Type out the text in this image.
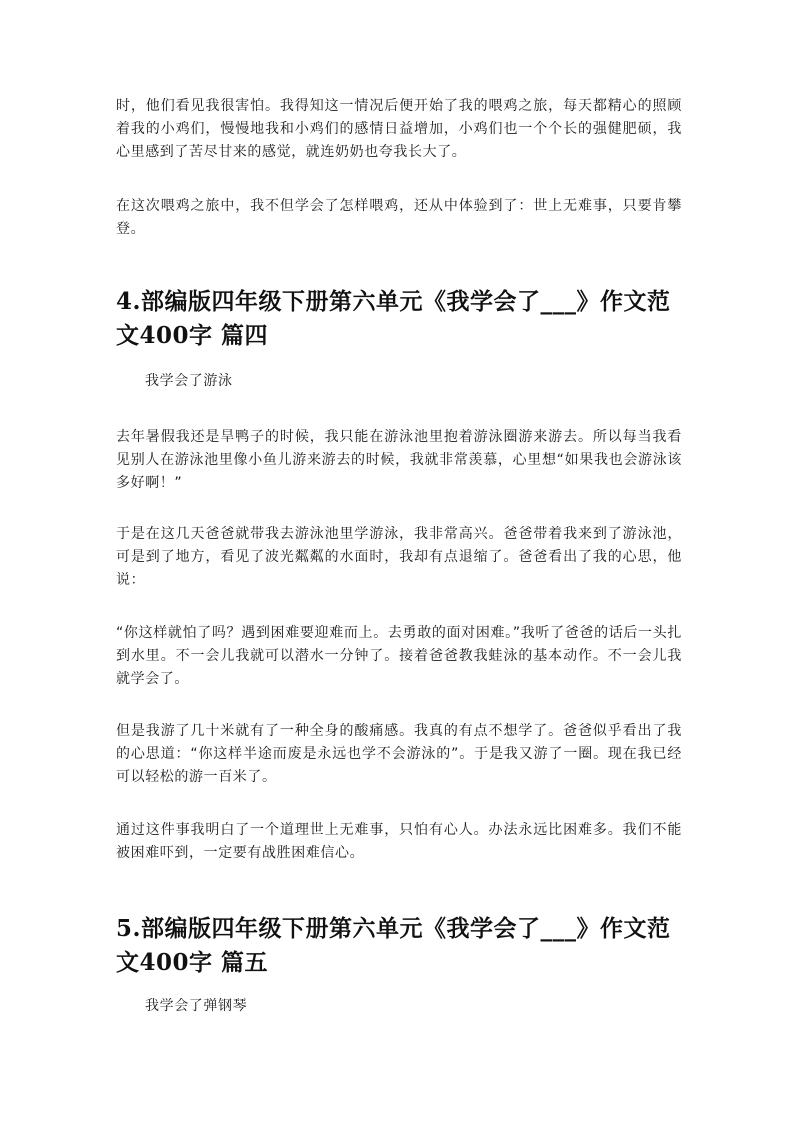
时，他们看见我很害怕。我得知这一情况后便开始了我的喂鸡之旅，每天都精心的照顾着我的小鸡们，慢慢地我和小鸡们的感情日益增加，小鸡们也一个个长的强健肥硕，我心里感到了苦尽甘来的感觉，就连奶奶也夸我长大了。

在这次喂鸡之旅中，我不但学会了怎样喂鸡，还从中体验到了：世上无难事，只要肯攀登。

4.部编版四年级下册第六单元《我学会了___》作文范文400字 篇四

我学会了游泳

去年暑假我还是旱鸭子的时候，我只能在游泳池里抱着游泳圈游来游去。所以每当我看见别人在游泳池里像小鱼儿游来游去的时候，我就非常羡慕，心里想“如果我也会游泳该多好啊！”

于是在这几天爸爸就带我去游泳池里学游泳，我非常高兴。爸爸带着我来到了游泳池，可是到了地方，看见了波光粼粼的水面时，我却有点退缩了。爸爸看出了我的心思，他说：

“你这样就怕了吗？遇到困难要迎难而上。去勇敢的面对困难。”我听了爸爸的话后一头扎到水里。不一会儿我就可以潜水一分钟了。接着爸爸教我蛙泳的基本动作。不一会儿我就学会了。

但是我游了几十米就有了一种全身的酸痛感。我真的有点不想学了。爸爸似乎看出了我的心思道：“你这样半途而废是永远也学不会游泳的”。于是我又游了一圈。现在我已经可以轻松的游一百米了。

通过这件事我明白了一个道理世上无难事，只怕有心人。办法永远比困难多。我们不能被困难吓到，一定要有战胜困难信心。

5.部编版四年级下册第六单元《我学会了___》作文范文400字 篇五

我学会了弹钢琴
